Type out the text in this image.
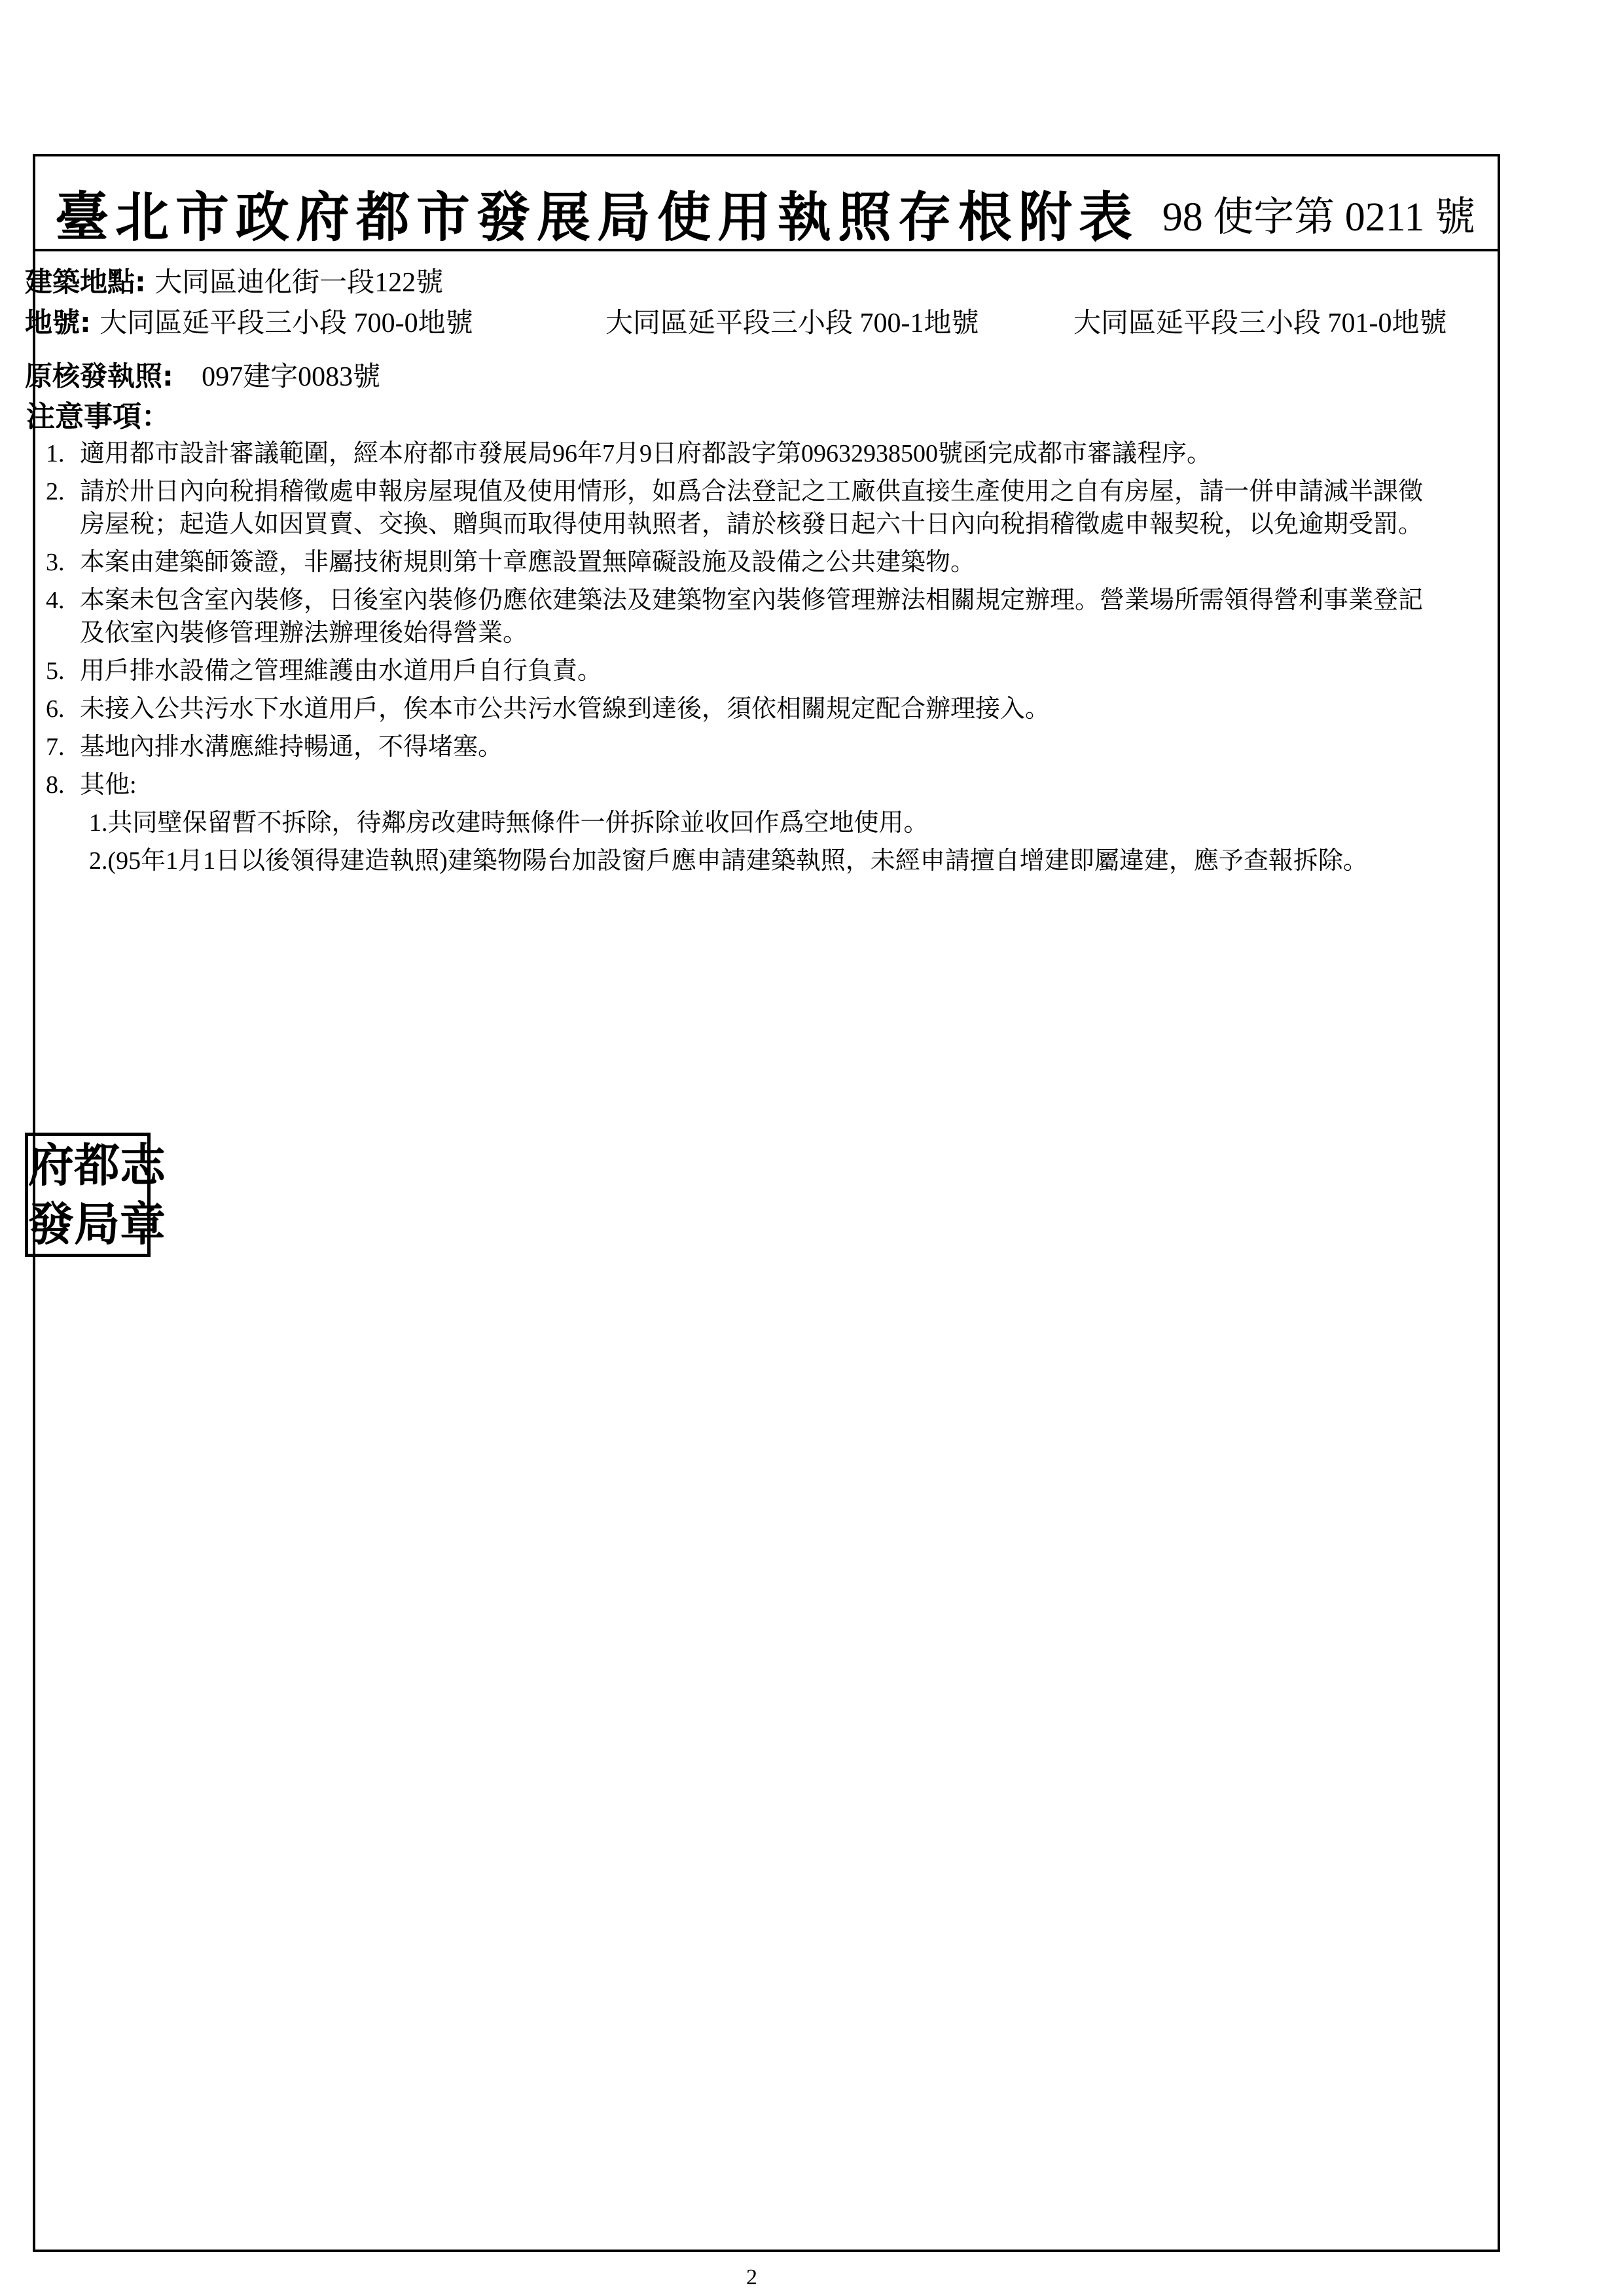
臺北市政府都市發展局使用執照存根附表 98 使字第 0211 號
建築地點: 大同區迪化街一段122號
地號: 大同區延平段三小段 700-0地號	大同區延平段三小段 700-1地號	大同區延平段三小段 701-0地號
原核發執照: 097建字0083號
注意事項：
1. 適用都市設計審議範圍，經本府都市發展局96年7月9日府都設字第09632938500號函完成都市審議程序。
2. 請於卅日內向稅捐稽徵處申報房屋現值及使用情形，如爲合法登記之工廠供直接生產使用之自有房屋，請一併申請減半課徵房屋稅；起造人如因買賣、交換、贈與而取得使用執照者，請於核發日起六十日內向稅捐稽徵處申報契稅，以免逾期受罰。
3. 本案由建築師簽證，非屬技術規則第十章應設置無障礙設施及設備之公共建築物。
4. 本案未包含室內裝修，日後室內裝修仍應依建築法及建築物室內裝修管理辦法相關規定辦理。營業場所需領得營利事業登記及依室內裝修管理辦法辦理後始得營業。
5. 用戶排水設備之管理維護由水道用戶自行負責。
6. 未接入公共污水下水道用戶，俟本市公共污水管線到達後，須依相關規定配合辦理接入。
7. 基地內排水溝應維持暢通，不得堵塞。
8. 其他:
1.共同壁保留暫不拆除，待鄰房改建時無條件一併拆除並收回作爲空地使用。
2.(95年1月1日以後領得建造執照)建築物陽台加設窗戶應申請建築執照，未經申請擅自增建即屬違建，應予查報拆除。
府 都 志
發 局 章
2
